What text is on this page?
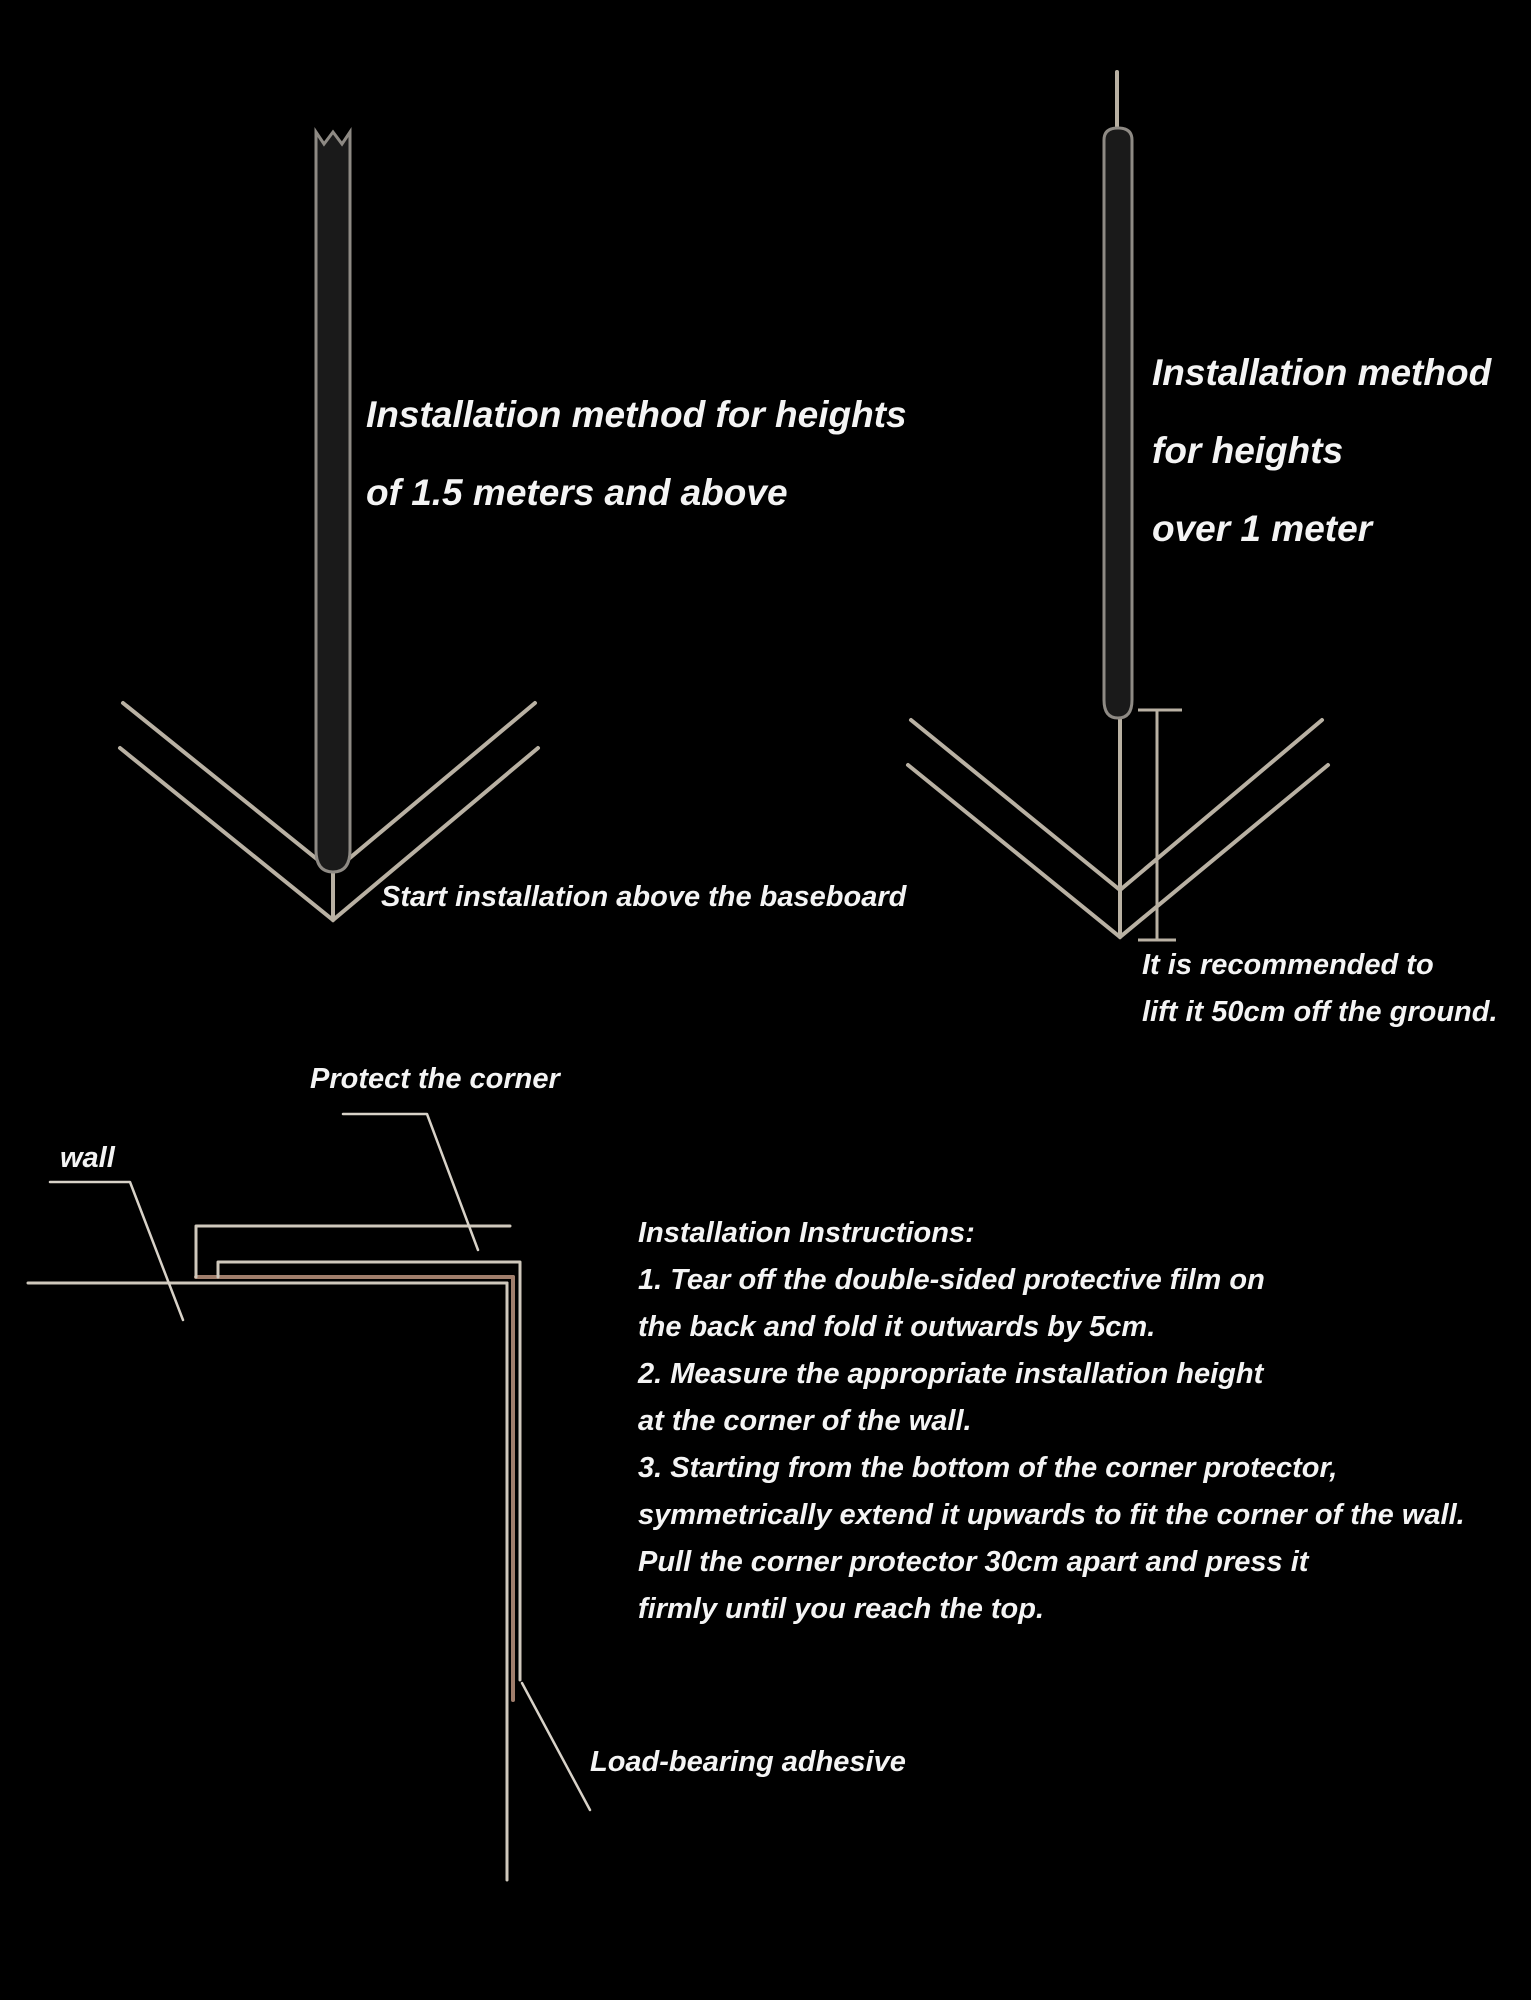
Installation method for heights
of 1.5 meters and above
Start installation above the baseboard
Installation method
for heights
over 1 meter
It is recommended to
lift it 50cm off the ground.
Protect the corner
wall
Load-bearing adhesive
Installation Instructions:
1. Tear off the double-sided protective film on
the back and fold it outwards by 5cm.
2. Measure the appropriate installation height
at the corner of the wall.
3. Starting from the bottom of the corner protector,
symmetrically extend it upwards to fit the corner of the wall.
Pull the corner protector 30cm apart and press it
firmly until you reach the top.
